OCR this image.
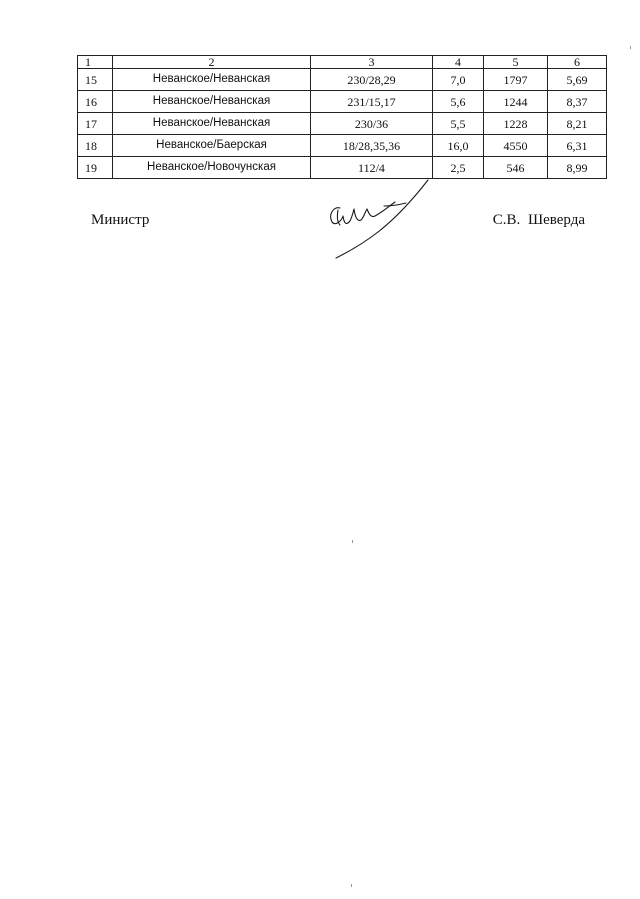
1	2	3	4	5	6
15	Неванское/Неванская	230/28,29	7,0	1797	5,69
16	Неванское/Неванская	231/15,17	5,6	1244	8,37
17	Неванское/Неванская	230/36	5,5	1228	8,21
18	Неванское/Баерская	18/28,35,36	16,0	4550	6,31
19	Неванское/Новочунская	112/4	2,5	546	8,99
Министр	С.В. Шеверда
